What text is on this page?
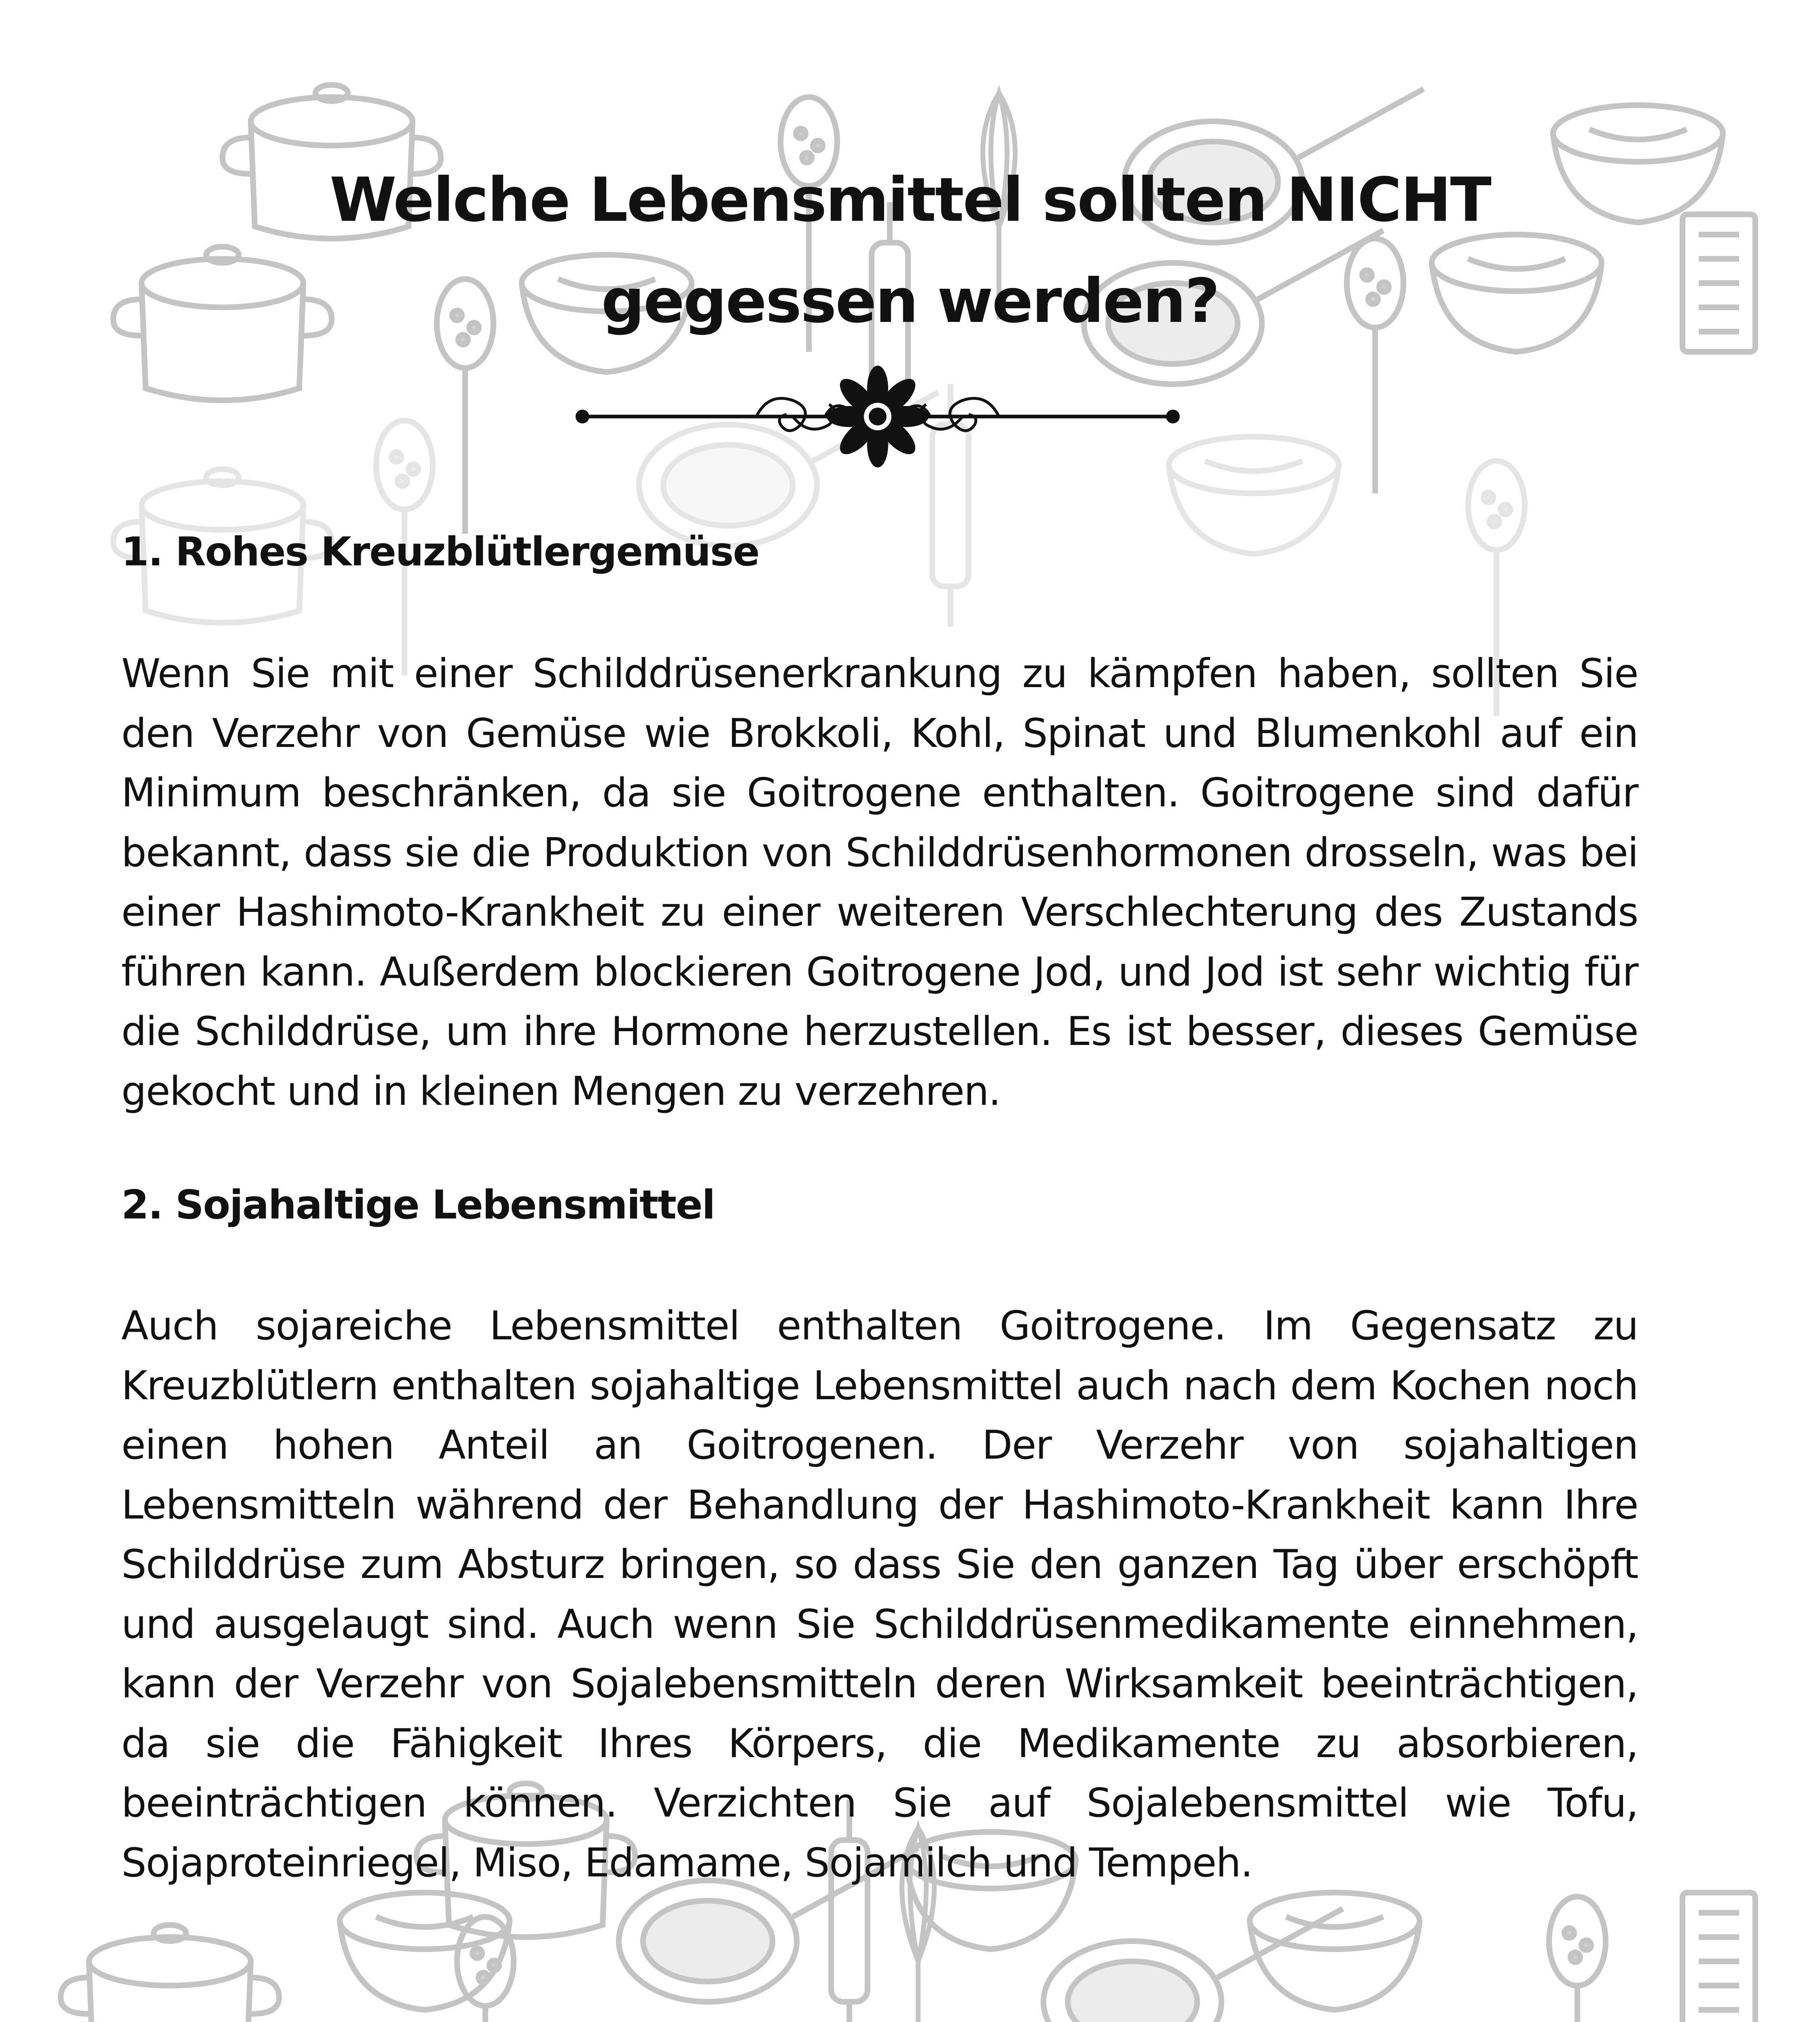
Welche Lebensmittel sollten NICHT
gegessen werden?
1. Rohes Kreuzblütlergemüse

Wenn Sie mit einer Schilddrüsenerkrankung zu kämpfen haben, sollten Sie den Verzehr von Gemüse wie Brokkoli, Kohl, Spinat und Blumenkohl auf ein Minimum beschränken, da sie Goitrogene enthalten. Goitrogene sind dafür bekannt, dass sie die Produktion von Schilddrüsenhormonen drosseln, was bei einer Hashimoto-Krankheit zu einer weiteren Verschlechterung des Zustands führen kann. Außerdem blockieren Goitrogene Jod, und Jod ist sehr wichtig für die Schilddrüse, um ihre Hormone herzustellen. Es ist besser, dieses Gemüse gekocht und in kleinen Mengen zu verzehren.

2. Sojahaltige Lebensmittel

Auch sojareiche Lebensmittel enthalten Goitrogene. Im Gegensatz zu Kreuzblütlern enthalten sojahaltige Lebensmittel auch nach dem Kochen noch einen hohen Anteil an Goitrogenen. Der Verzehr von sojahaltigen Lebensmitteln während der Behandlung der Hashimoto-Krankheit kann Ihre Schilddrüse zum Absturz bringen, so dass Sie den ganzen Tag über erschöpft und ausgelaugt sind. Auch wenn Sie Schilddrüsenmedikamente einnehmen, kann der Verzehr von Sojalebensmitteln deren Wirksamkeit beeinträchtigen, da sie die Fähigkeit Ihres Körpers, die Medikamente zu absorbieren, beeinträchtigen können. Verzichten Sie auf Sojalebensmittel wie Tofu, Sojaproteinriegel, Miso, Edamame, Sojamilch und Tempeh.
